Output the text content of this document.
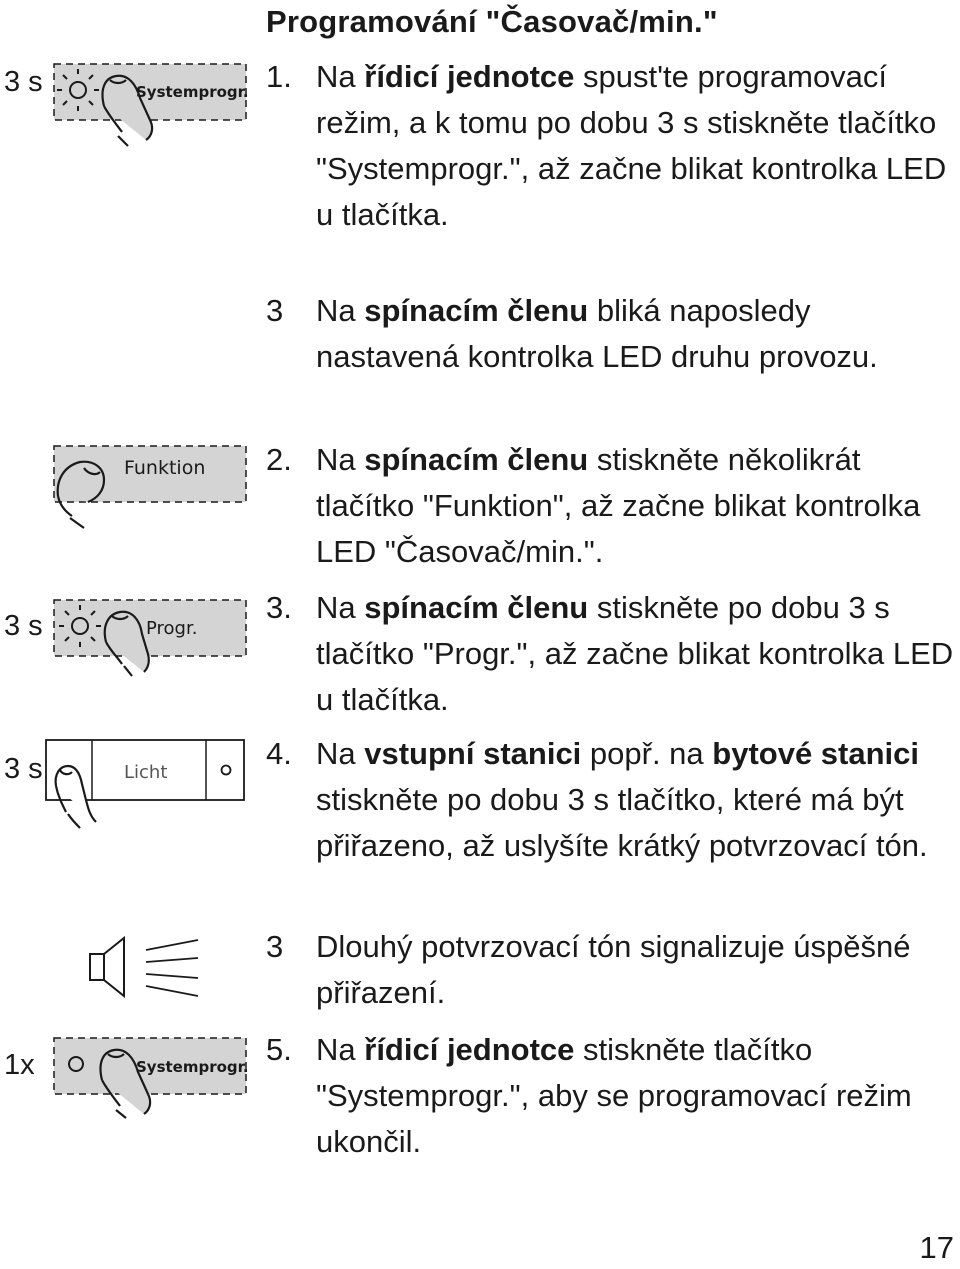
Programování "Časovač/min."
1. Na řídicí jednotce spust'te programovací režim, a k tomu po dobu 3 s stiskněte tlačítko "Systemprogr.", až začne blikat kontrolka LED u tlačítka.
3 Na spínacím členu bliká naposledy nastavená kontrolka LED druhu provozu.
2. Na spínacím členu stiskněte několikrát tlačítko "Funktion", až začne blikat kontrolka LED "Časovač/min.".
3. Na spínacím členu stiskněte po dobu 3 s tlačítko "Progr.", až začne blikat kontrolka LED u tlačítka.
4. Na vstupní stanici popř. na bytové stanici stiskněte po dobu 3 s tlačítko, které má být přiřazeno, až uslyšíte krátký potvrzovací tón.
3 Dlouhý potvrzovací tón signalizuje úspěšné přiřazení.
5. Na řídicí jednotce stiskněte tlačítko "Systemprogr.", aby se programovací režim ukončil.
3 s	Systemprogr.
Funktion
3 s	Progr.
3 s	Licht
1x	Systemprogr.
17
